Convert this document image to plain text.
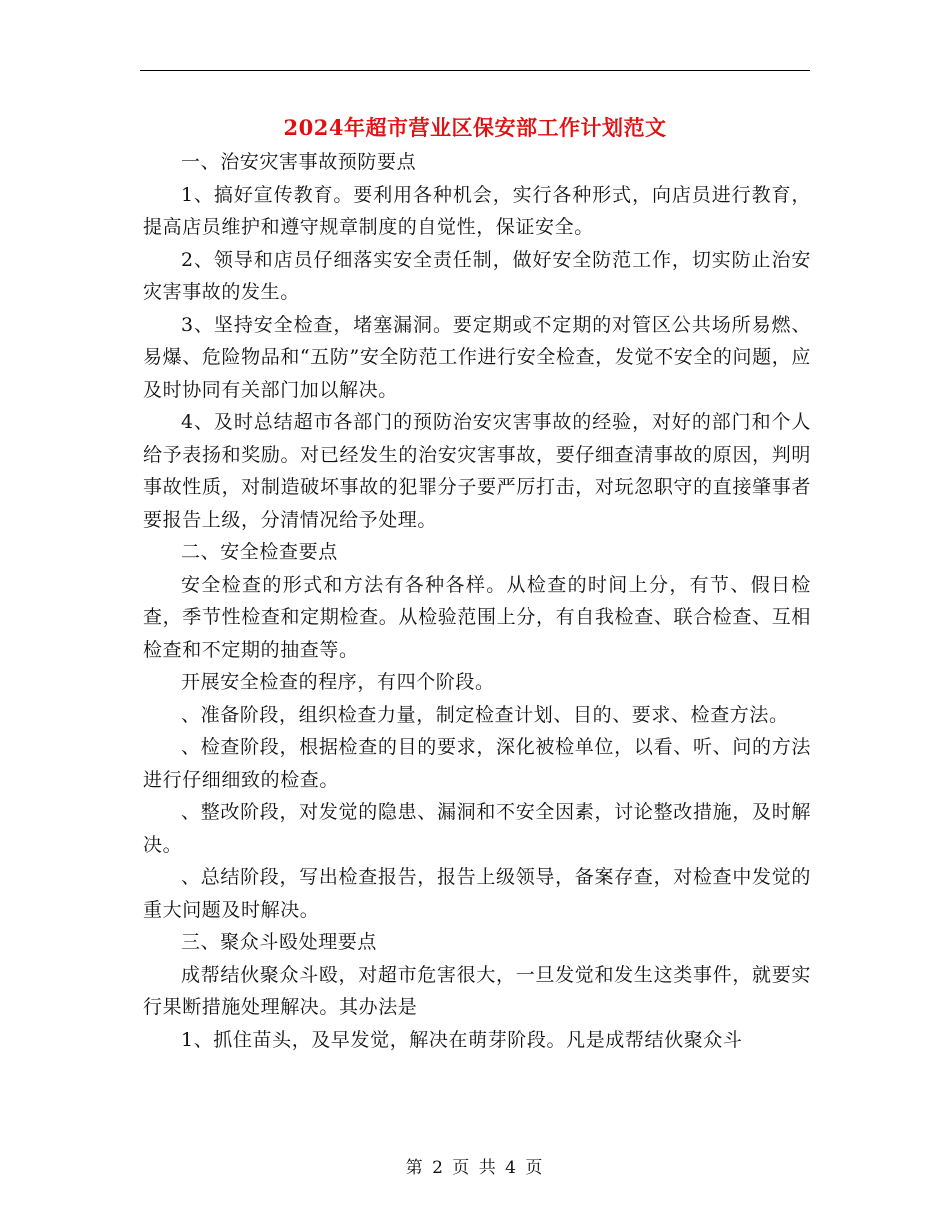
2024年超市营业区保安部工作计划范文

一、治安灾害事故预防要点

1、搞好宣传教育。要利用各种机会，实行各种形式，向店员进行教育，提高店员维护和遵守规章制度的自觉性，保证安全。

2、领导和店员仔细落实安全责任制，做好安全防范工作，切实防止治安灾害事故的发生。

3、坚持安全检查，堵塞漏洞。要定期或不定期的对管区公共场所易燃、易爆、危险物品和“五防”安全防范工作进行安全检查，发觉不安全的问题，应及时协同有关部门加以解决。

4、及时总结超市各部门的预防治安灾害事故的经验，对好的部门和个人给予表扬和奖励。对已经发生的治安灾害事故，要仔细查清事故的原因，判明事故性质，对制造破坏事故的犯罪分子要严厉打击，对玩忽职守的直接肇事者要报告上级，分清情况给予处理。

二、安全检查要点

安全检查的形式和方法有各种各样。从检查的时间上分，有节、假日检查，季节性检查和定期检查。从检验范围上分，有自我检查、联合检查、互相检查和不定期的抽查等。

开展安全检查的程序，有四个阶段。

、准备阶段，组织检查力量，制定检查计划、目的、要求、检查方法。

、检查阶段，根据检查的目的要求，深化被检单位，以看、听、问的方法进行仔细细致的检查。

、整改阶段，对发觉的隐患、漏洞和不安全因素，讨论整改措施，及时解决。

、总结阶段，写出检查报告，报告上级领导，备案存查，对检查中发觉的重大问题及时解决。

三、聚众斗殴处理要点

成帮结伙聚众斗殴，对超市危害很大，一旦发觉和发生这类事件，就要实行果断措施处理解决。其办法是

1、抓住苗头，及早发觉，解决在萌芽阶段。凡是成帮结伙聚众斗

第 2 页 共 4 页
